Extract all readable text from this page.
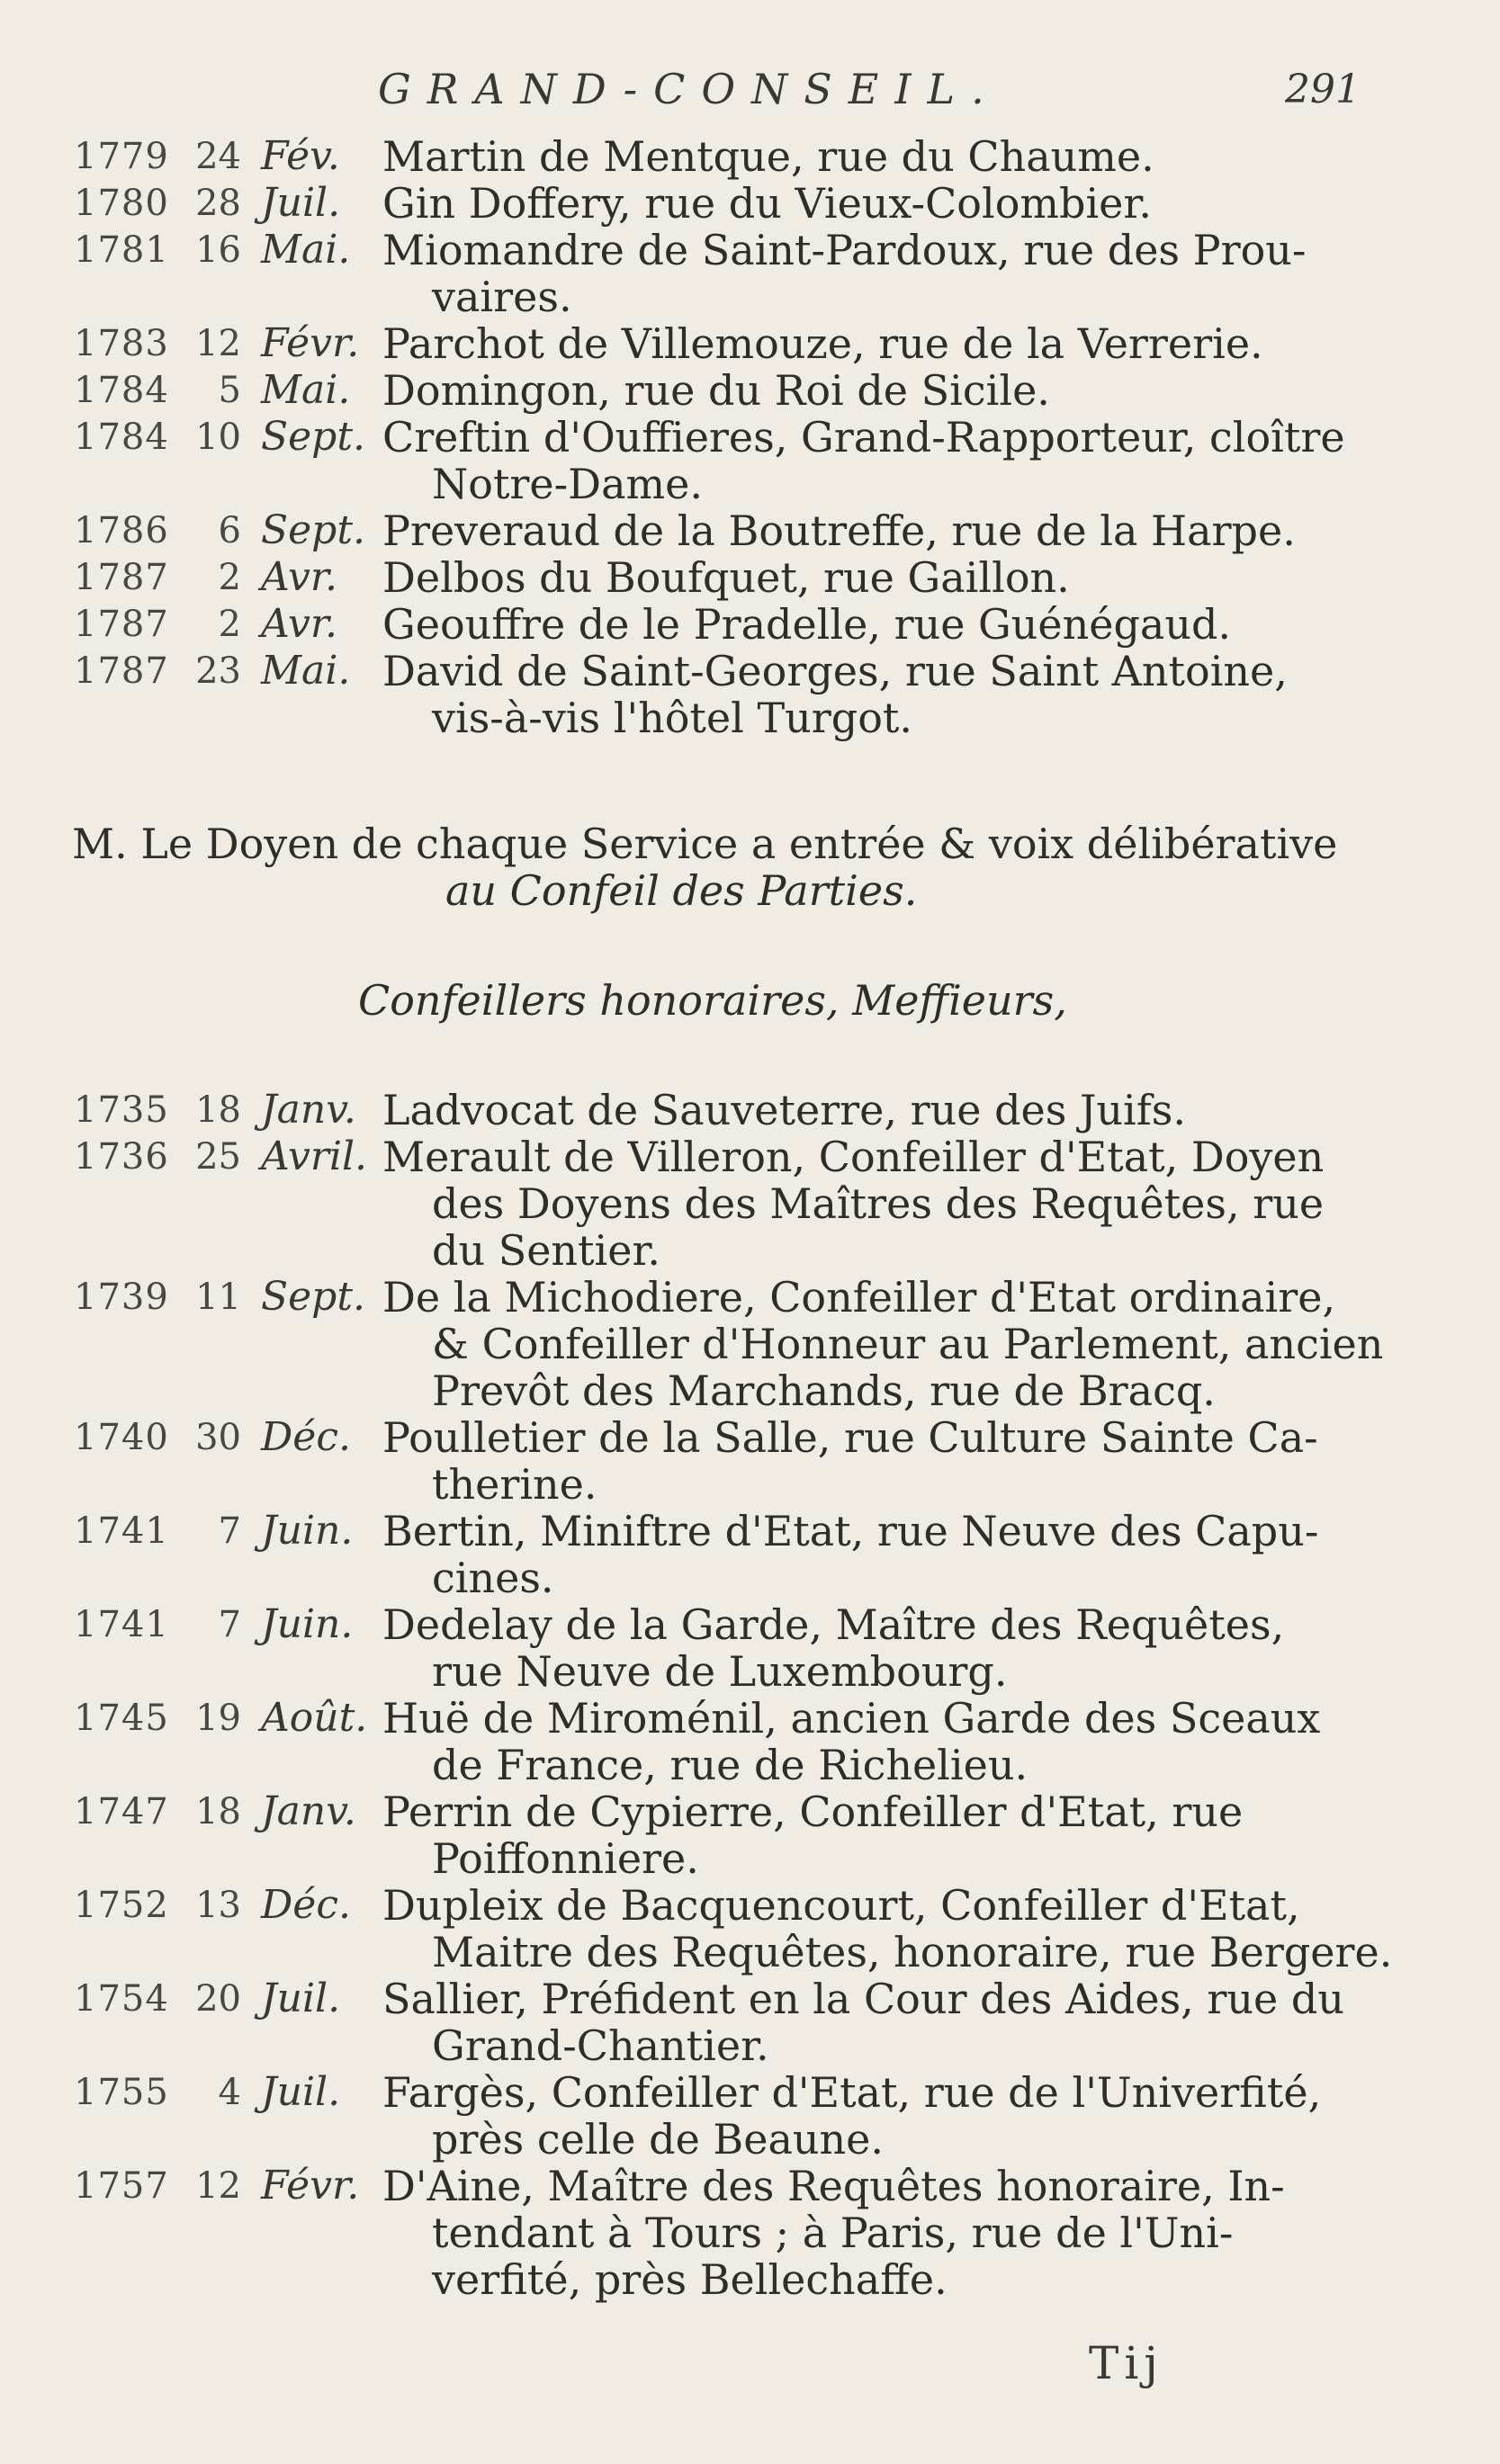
GRAND-CONSEIL.	291
1779 24 Fév. Martin de Mentque, rue du Chaume.
1780 28 Juil. Gin Doffery, rue du Vieux-Colombier.
1781 16 Mai. Miomandre de Saint-Pardoux, rue des Prou-
vaires.
1783 12 Févr. Parchot de Villemouze, rue de la Verrerie.
1784	5 Mai. Domingon, rue du Roi de Sicile.
1784 10 Sept. Creftin d'Ouffieres, Grand-Rapporteur, cloître
Notre-Dame.
1786	6 Sept. Preveraud de la Boutreffe, rue de la Harpe.
1787	2 Avr. Delbos du Boufquet, rue Gaillon.
1787	2 Avr. Geouffre de le Pradelle, rue Guénégaud.
1787 23 Mai. David de Saint-Georges, rue Saint Antoine,
vis-à-vis l'hôtel Turgot.
M. Le Doyen de chaque Service a entrée & voix délibérative
au Confeil des Parties.
Confeillers honoraires, Meffieurs,
1735 18 Janv. Ladvocat de Sauveterre, rue des Juifs.
1736 25 Avril. Merault de Villeron, Confeiller d'Etat, Doyen
des Doyens des Maîtres des Requêtes, rue
du Sentier.
1739 11 Sept. De la Michodiere, Confeiller d'Etat ordinaire,
& Confeiller d'Honneur au Parlement, ancien
Prevôt des Marchands, rue de Bracq.
1740 30 Déc. Poulletier de la Salle, rue Culture Sainte Ca-
therine.
1741	7 Juin. Bertin, Miniftre d'Etat, rue Neuve des Capu-
cines.
1741	7 Juin. Dedelay de la Garde, Maître des Requêtes,
rue Neuve de Luxembourg.
1745 19 Août. Huë de Miroménil, ancien Garde des Sceaux
de France, rue de Richelieu.
1747 18 Janv. Perrin de Cypierre, Confeiller d'Etat, rue
Poiffonniere.
1752 13 Déc. Dupleix de Bacquencourt, Confeiller d'Etat,
Maitre des Requêtes, honoraire, rue Bergere.
1754 20 Juil. Sallier, Préfident en la Cour des Aides, rue du
Grand-Chantier.
1755	4 Juil. Fargès, Confeiller d'Etat, rue de l'Univerfité,
près celle de Beaune.
1757 12 Févr. D'Aine, Maître des Requêtes honoraire, In-
tendant à Tours ; à Paris, rue de l'Uni-
verfité, près Bellechaffe.
Tij
